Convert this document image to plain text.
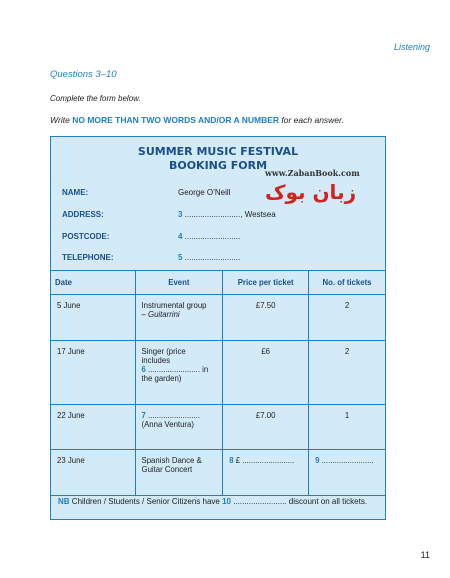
Listening
Questions 3–10
Complete the form below.
Write NO MORE THAN TWO WORDS AND/OR A NUMBER for each answer.
SUMMER MUSIC FESTIVAL
BOOKING FORM
www.ZabanBook.com
زبان بوک
NAME:	George O’Neill
ADDRESS:	3 ........................., Westsea
POSTCODE:	4 .........................
TELEPHONE:	5 .........................
Date	Event	Price per ticket	No. of tickets
5 June	Instrumental group
– Guitarrini	£7.50	2
17 June	Singer (price includes
6 ........................ in
the garden)	£6	2
22 June	7 ........................
(Anna Ventura)	£7.00	1
23 June	Spanish Dance &
Guitar Concert	8 £ ........................	9 ........................
NB Children / Students / Senior Citizens have 10 ........................ discount on all tickets.
11
